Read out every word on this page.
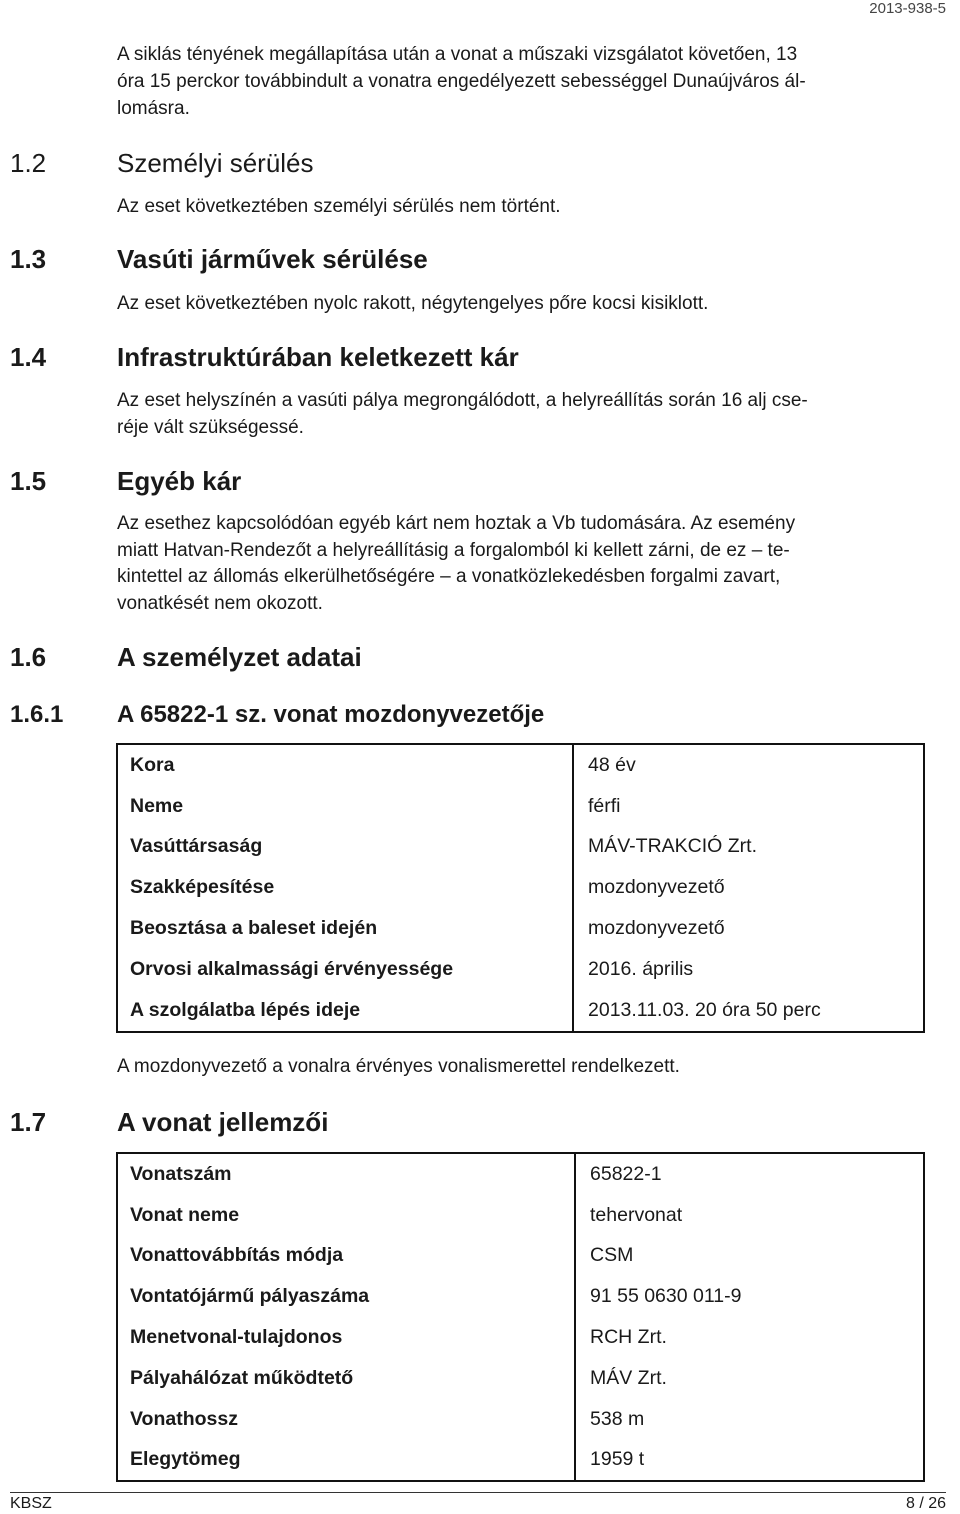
2013-938-5

A siklás tényének megállapítása után a vonat a műszaki vizsgálatot követően, 13

óra 15 perckor továbbindult a vonatra engedélyezett sebességgel Dunaújváros ál-

lomásra.

1.2	Személyi sérülés

Az eset következtében személyi sérülés nem történt.

1.3	Vasúti járművek sérülése

Az eset következtében nyolc rakott, négytengelyes pőre kocsi kisiklott.

1.4	Infrastruktúrában keletkezett kár

Az eset helyszínén a vasúti pálya megrongálódott, a helyreállítás során 16 alj cse-

réje vált szükségessé.

1.5	Egyéb kár

Az esethez kapcsolódóan egyéb kárt nem hoztak a Vb tudomására. Az esemény

miatt Hatvan-Rendezőt a helyreállításig a forgalomból ki kellett zárni, de ez – te-

kintettel az állomás elkerülhetőségére – a vonatközlekedésben forgalmi zavart,

vonatkését nem okozott.

1.6	A személyzet adatai
1.6.1 A 65822-1 sz. vonat mozdonyvezetője
Kora	48 év
Neme	férfi
Vasúttársaság	MÁV-TRAKCIÓ Zrt.
Szakképesítése	mozdonyvezető
Beosztása a baleset idején	mozdonyvezető
Orvosi alkalmassági érvényessége	2016. április
A szolgálatba lépés ideje	2013.11.03. 20 óra 50 perc

A mozdonyvezető a vonalra érvényes vonalismerettel rendelkezett.

1.7	A vonat jellemzői
Vonatszám	65822-1
Vonat neme	tehervonat
Vonattovábbítás módja	CSM
Vontatójármű pályaszáma	91 55 0630 011-9
Menetvonal-tulajdonos	RCH Zrt.
Pályahálózat működtető	MÁV Zrt.
Vonathossz	538 m
Elegytömeg	1959 t
KBSZ	8 / 26
